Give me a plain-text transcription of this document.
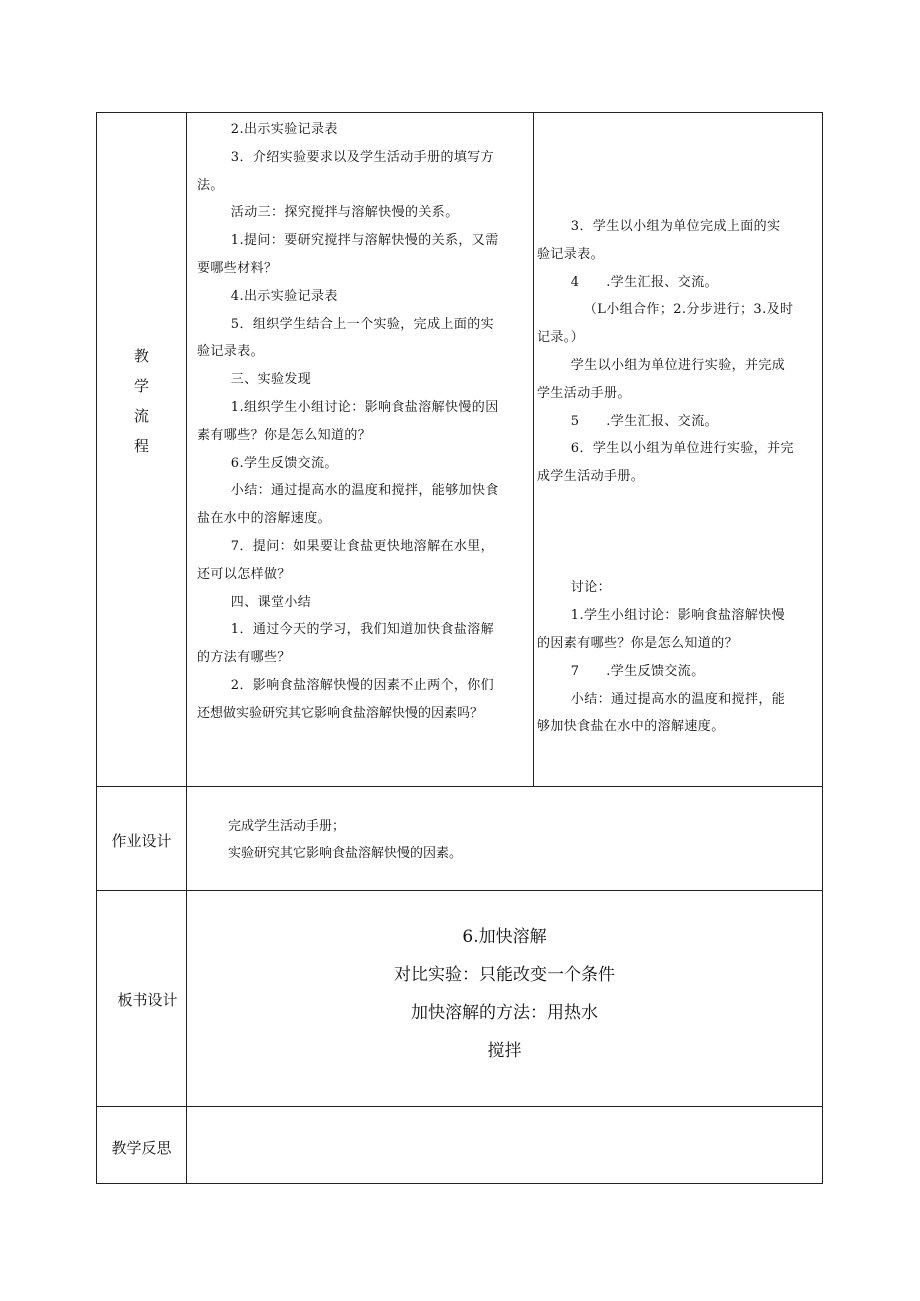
教
学
流
程

2.出示实验记录表

3．介绍实验要求以及学生活动手册的填写方

法。

活动三：探究搅拌与溶解快慢的关系。

1.提问：要研究搅拌与溶解快慢的关系，又需

要哪些材料？

4.出示实验记录表

5．组织学生结合上一个实验，完成上面的实

验记录表。

三、实验发现

1.组织学生小组讨论：影响食盐溶解快慢的因

素有哪些？你是怎么知道的？

6.学生反馈交流。

小结：通过提高水的温度和搅拌，能够加快食

盐在水中的溶解速度。

7．提问：如果要让食盐更快地溶解在水里，

还可以怎样做？

四、课堂小结

1．通过今天的学习，我们知道加快食盐溶解

的方法有哪些？

2．影响食盐溶解快慢的因素不止两个，你们

还想做实验研究其它影响食盐溶解快慢的因素吗？

3．学生以小组为单位完成上面的实

验记录表。

4　　.学生汇报、交流。

（L小组合作；2.分步进行；3.及时

记录。）

学生以小组为单位进行实验，并完成

学生活动手册。

5　　.学生汇报、交流。

6．学生以小组为单位进行实验，并完

成学生活动手册。

讨论：

1.学生小组讨论：影响食盐溶解快慢

的因素有哪些？你是怎么知道的？

7　　.学生反馈交流。

小结：通过提高水的温度和搅拌，能

够加快食盐在水中的溶解速度。

作业设计

完成学生活动手册；

实验研究其它影响食盐溶解快慢的因素。

板书设计

6.加快溶解

对比实验：只能改变一个条件

加快溶解的方法：用热水

搅拌

教学反思
